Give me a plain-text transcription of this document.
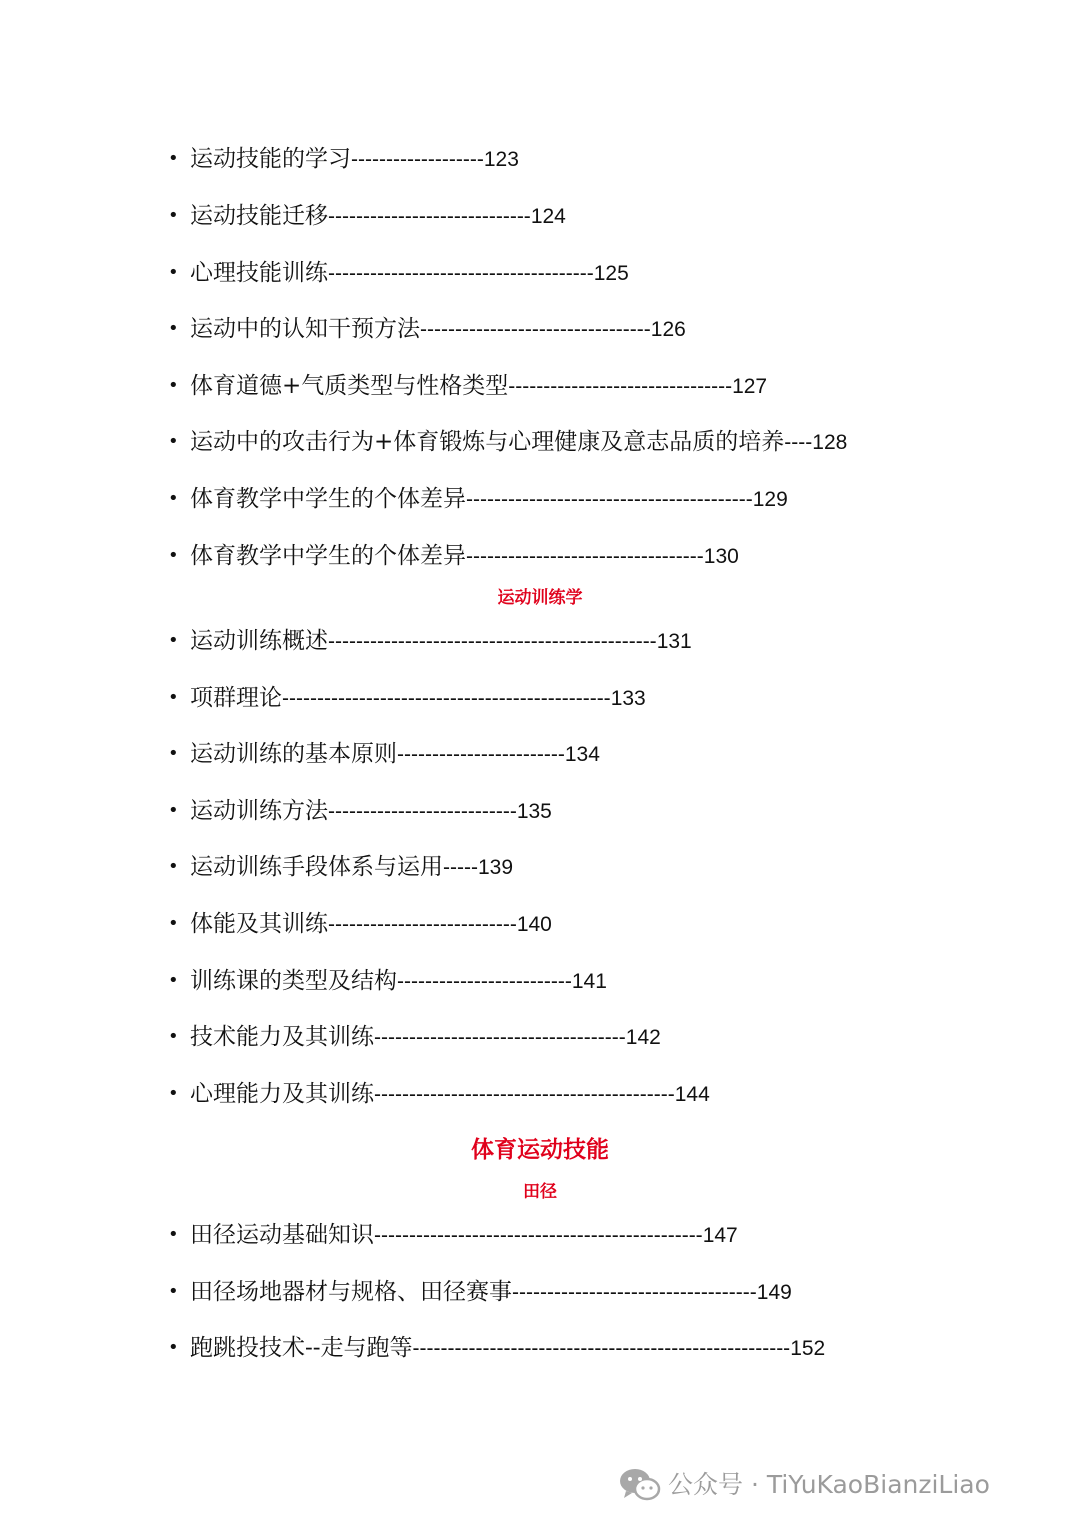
• 运动技能的学习-------------------123
• 运动技能迁移-----------------------------124
• 心理技能训练--------------------------------------125
• 运动中的认知干预方法---------------------------------126
• 体育道德+气质类型与性格类型--------------------------------127
• 运动中的攻击行为+体育锻炼与心理健康及意志品质的培养----128
• 体育教学中学生的个体差异-----------------------------------------129
• 体育教学中学生的个体差异----------------------------------130
运动训练学
• 运动训练概述-----------------------------------------------131
• 项群理论-----------------------------------------------133
• 运动训练的基本原则------------------------134
• 运动训练方法---------------------------135
• 运动训练手段体系与运用-----139
• 体能及其训练---------------------------140
• 训练课的类型及结构-------------------------141
• 技术能力及其训练------------------------------------142
• 心理能力及其训练-------------------------------------------144
体育运动技能
田径
• 田径运动基础知识-----------------------------------------------147
• 田径场地器材与规格、田径赛事-----------------------------------149
• 跑跳投技术--走与跑等------------------------------------------------------152
公众号 · TiYuKaoBianziLiao
